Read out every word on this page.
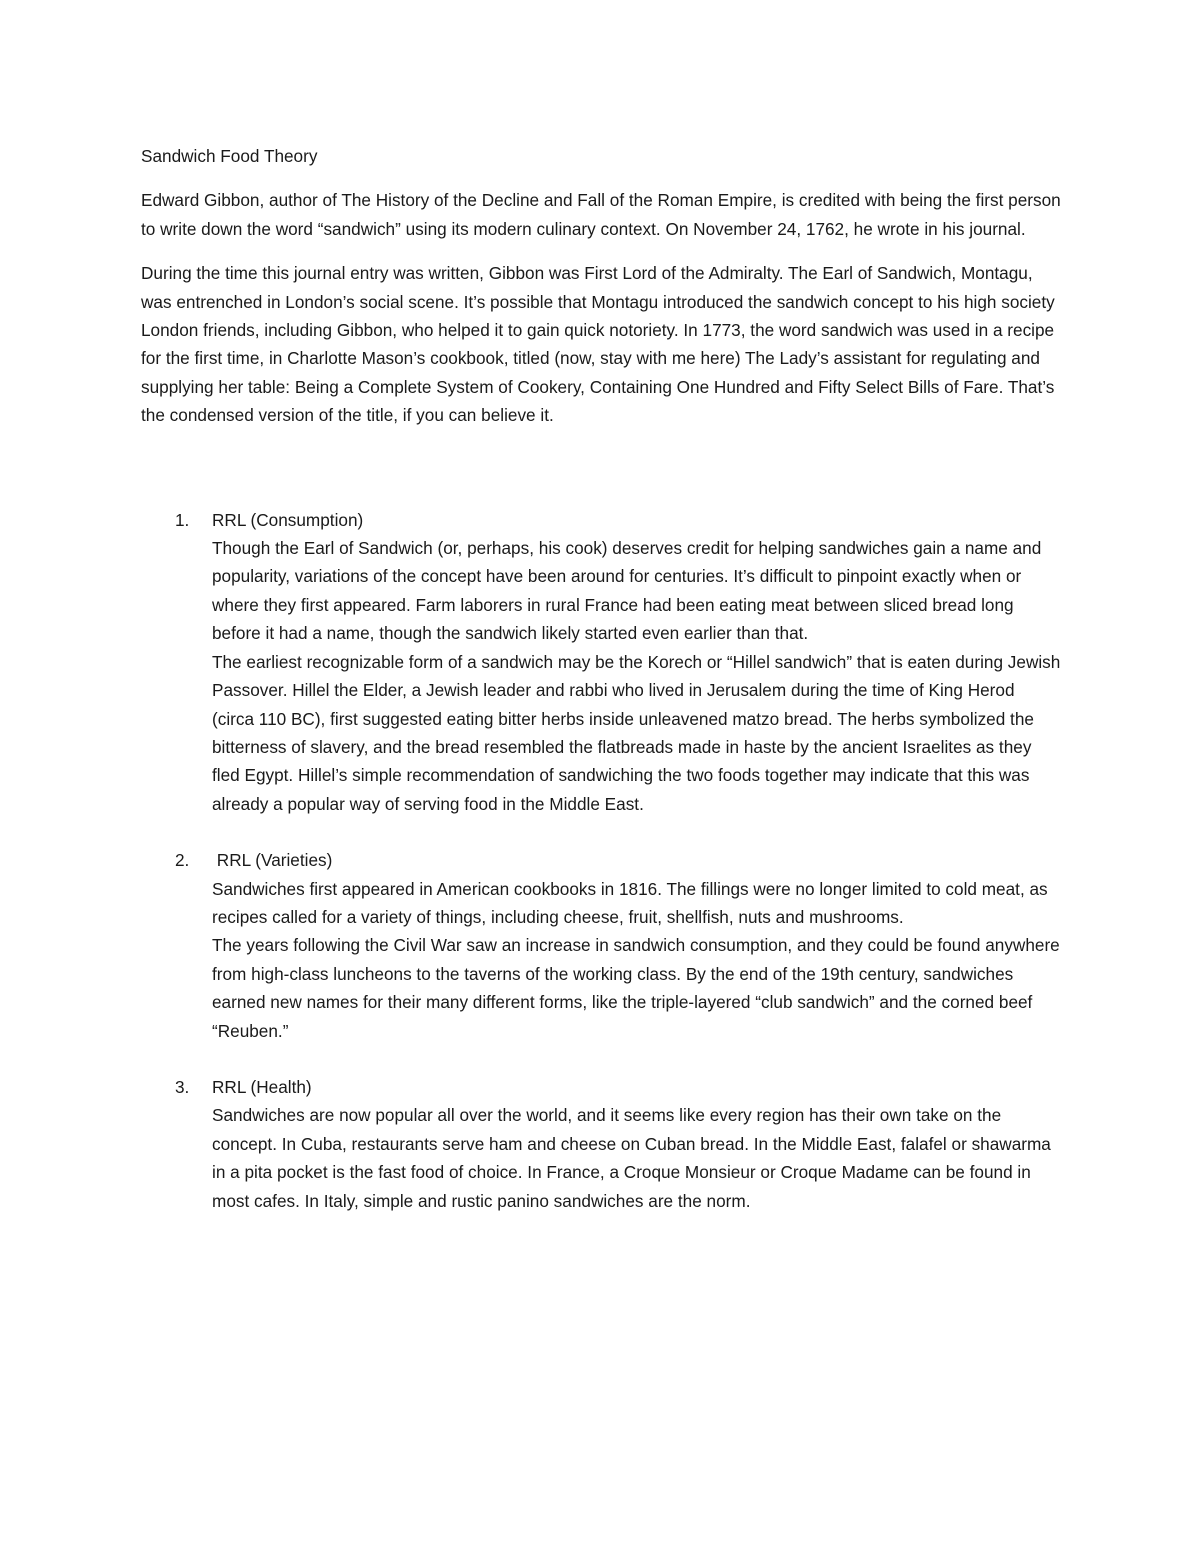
Sandwich Food Theory

Edward Gibbon, author of The History of the Decline and Fall of the Roman Empire, is credited with being the first person to write down the word “sandwich” using its modern culinary context. On November 24, 1762, he wrote in his journal.

During the time this journal entry was written, Gibbon was First Lord of the Admiralty. The Earl of Sandwich, Montagu, was entrenched in London’s social scene. It’s possible that Montagu introduced the sandwich concept to his high society London friends, including Gibbon, who helped it to gain quick notoriety. In 1773, the word sandwich was used in a recipe for the first time, in Charlotte Mason’s cookbook, titled (now, stay with me here) The Lady’s assistant for regulating and supplying her table: Being a Complete System of Cookery, Containing One Hundred and Fifty Select Bills of Fare. That’s the condensed version of the title, if you can believe it.

1. RRL (Consumption)
Though the Earl of Sandwich (or, perhaps, his cook) deserves credit for helping sandwiches gain a name and popularity, variations of the concept have been around for centuries. It’s difficult to pinpoint exactly when or where they first appeared. Farm laborers in rural France had been eating meat between sliced bread long before it had a name, though the sandwich likely started even earlier than that.
The earliest recognizable form of a sandwich may be the Korech or “Hillel sandwich” that is eaten during Jewish Passover. Hillel the Elder, a Jewish leader and rabbi who lived in Jerusalem during the time of King Herod (circa 110 BC), first suggested eating bitter herbs inside unleavened matzo bread. The herbs symbolized the bitterness of slavery, and the bread resembled the flatbreads made in haste by the ancient Israelites as they fled Egypt. Hillel’s simple recommendation of sandwiching the two foods together may indicate that this was already a popular way of serving food in the Middle East.
2. RRL (Varieties)
Sandwiches first appeared in American cookbooks in 1816. The fillings were no longer limited to cold meat, as recipes called for a variety of things, including cheese, fruit, shellfish, nuts and mushrooms.
The years following the Civil War saw an increase in sandwich consumption, and they could be found anywhere from high-class luncheons to the taverns of the working class. By the end of the 19th century, sandwiches earned new names for their many different forms, like the triple-layered “club sandwich” and the corned beef “Reuben.”
3. RRL (Health)
Sandwiches are now popular all over the world, and it seems like every region has their own take on the concept. In Cuba, restaurants serve ham and cheese on Cuban bread. In the Middle East, falafel or shawarma in a pita pocket is the fast food of choice. In France, a Croque Monsieur or Croque Madame can be found in most cafes. In Italy, simple and rustic panino sandwiches are the norm.
